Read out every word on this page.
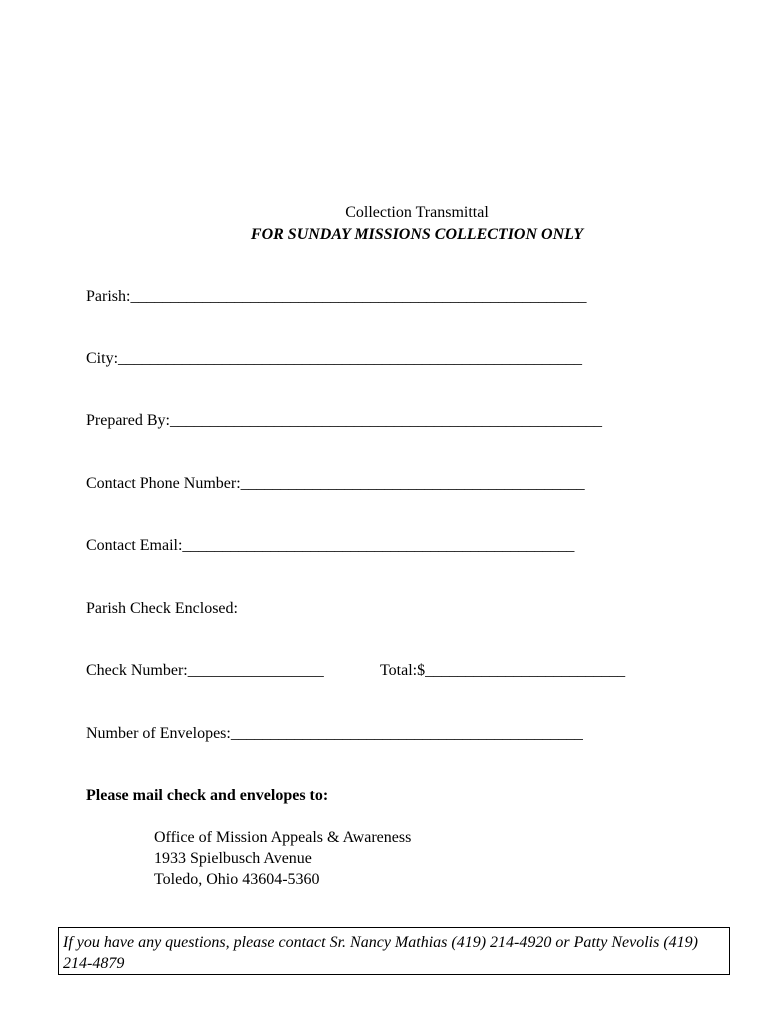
Collection Transmittal
FOR SUNDAY MISSIONS COLLECTION ONLY
Parish:_________________________________________________________
City:__________________________________________________________
Prepared By:______________________________________________________
Contact Phone Number:___________________________________________
Contact Email:_________________________________________________
Parish Check Enclosed:
Check Number:_________________	Total:$_________________________
Number of Envelopes:____________________________________________
Please mail check and envelopes to:
Office of Mission Appeals & Awareness
1933 Spielbusch Avenue
Toledo, Ohio 43604-5360
If you have any questions, please contact Sr. Nancy Mathias (419) 214-4920 or Patty Nevolis (419) 214-4879
